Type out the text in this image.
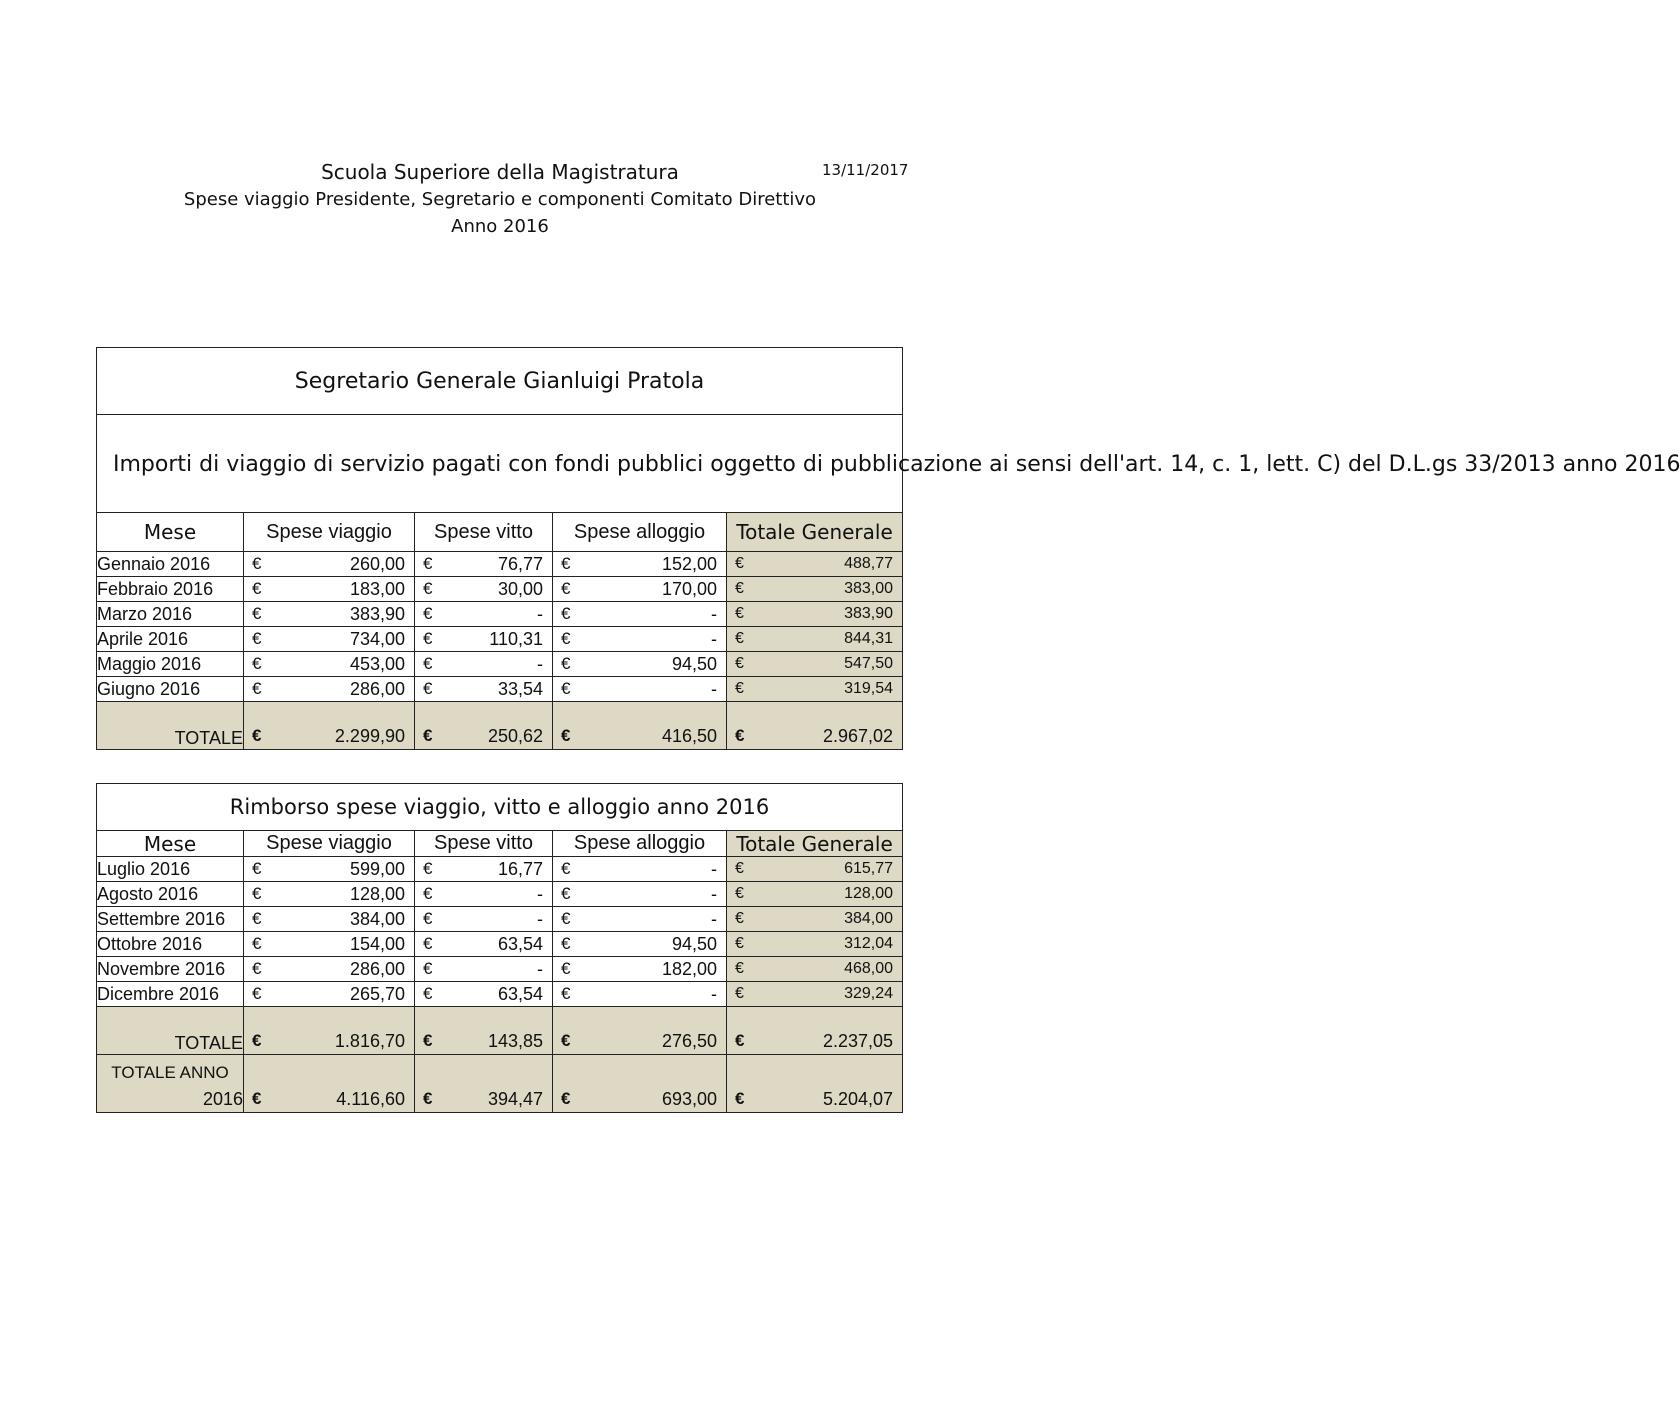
Scuola Superiore della Magistratura
Spese viaggio Presidente, Segretario e componenti Comitato Direttivo
Anno 2016
13/11/2017
Segretario Generale Gianluigi Pratola				

Importi di viaggio di servizio pagati con fondi pubblici oggetto di pubblicazione ai sensi dell'art. 14, c. 1, lett. C) del D.L.gs 33/2013 anno 2016				

Mese	Spese viaggio	Spese vitto	Spese alloggio	Totale Generale
Gennaio 2016	€ 260,00	€ 76,77	€ 152,00	€ 488,77

Febbraio 2016	€ 183,00	€ 30,00	€ 170,00	€ 383,00

Marzo 2016	€ 383,90	€ -	€ -	€ 383,90

Aprile 2016	€ 734,00	€ 110,31	€ -	€ 844,31

Maggio 2016	€ 453,00	€ -	€ 94,50	€ 547,50

Giugno 2016	€ 286,00	€ 33,54	€ -	€ 319,54

TOTALE	€ 2.299,90	€ 250,62	€ 416,50	€ 2.967,02
Rimborso spese viaggio, vitto e alloggio anno 2016				
Mese	Spese viaggio	Spese vitto	Spese alloggio	Totale Generale
Luglio 2016	€ 599,00	€ 16,77	€ -	€ 615,77

Agosto 2016	€ 128,00	€ -	€ -	€ 128,00

Settembre 2016	€ 384,00	€ -	€ -	€ 384,00

Ottobre 2016	€ 154,00	€ 63,54	€ 94,50	€ 312,04

Novembre 2016	€ 286,00	€ -	€ 182,00	€ 468,00

Dicembre 2016	€ 265,70	€ 63,54	€ -	€ 329,24

TOTALE	€ 1.816,70	€ 143,85	€ 276,50	€ 2.237,05

TOTALE ANNO
2016	€ 4.116,60	€ 394,47	€ 693,00	€ 5.204,07
